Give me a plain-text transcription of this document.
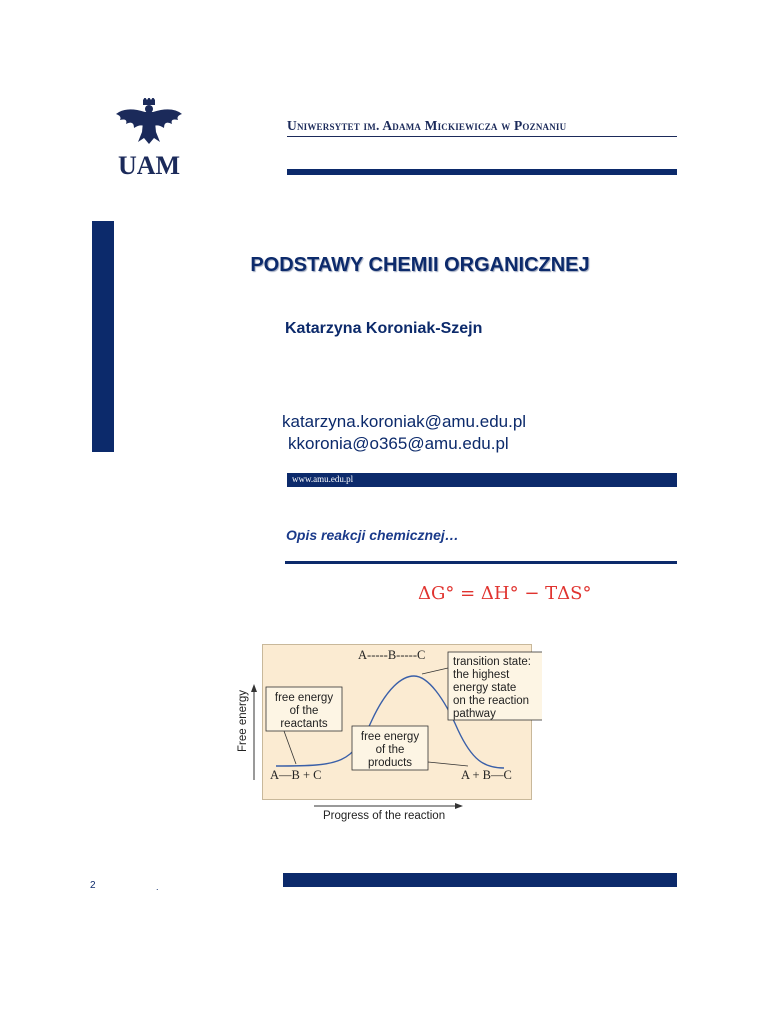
UAM
Uniwersytet im. Adama Mickiewicza w Poznaniu
PODSTAWY CHEMII ORGANICZNEJ
Katarzyna Koroniak-Szejn
katarzyna.koroniak@amu.edu.pl
kkoronia@o365@amu.edu.pl
www.amu.edu.pl
Opis reakcji chemicznej…
ΔG° = ΔH° − TΔS°
Free energy
Progress of the reaction
A-----B-----C
A—B + C	A + B—C
free energy
of the
reactants
free energy
of the
products
transition state:
the highest
energy state
on the reaction
pathway
2	.
